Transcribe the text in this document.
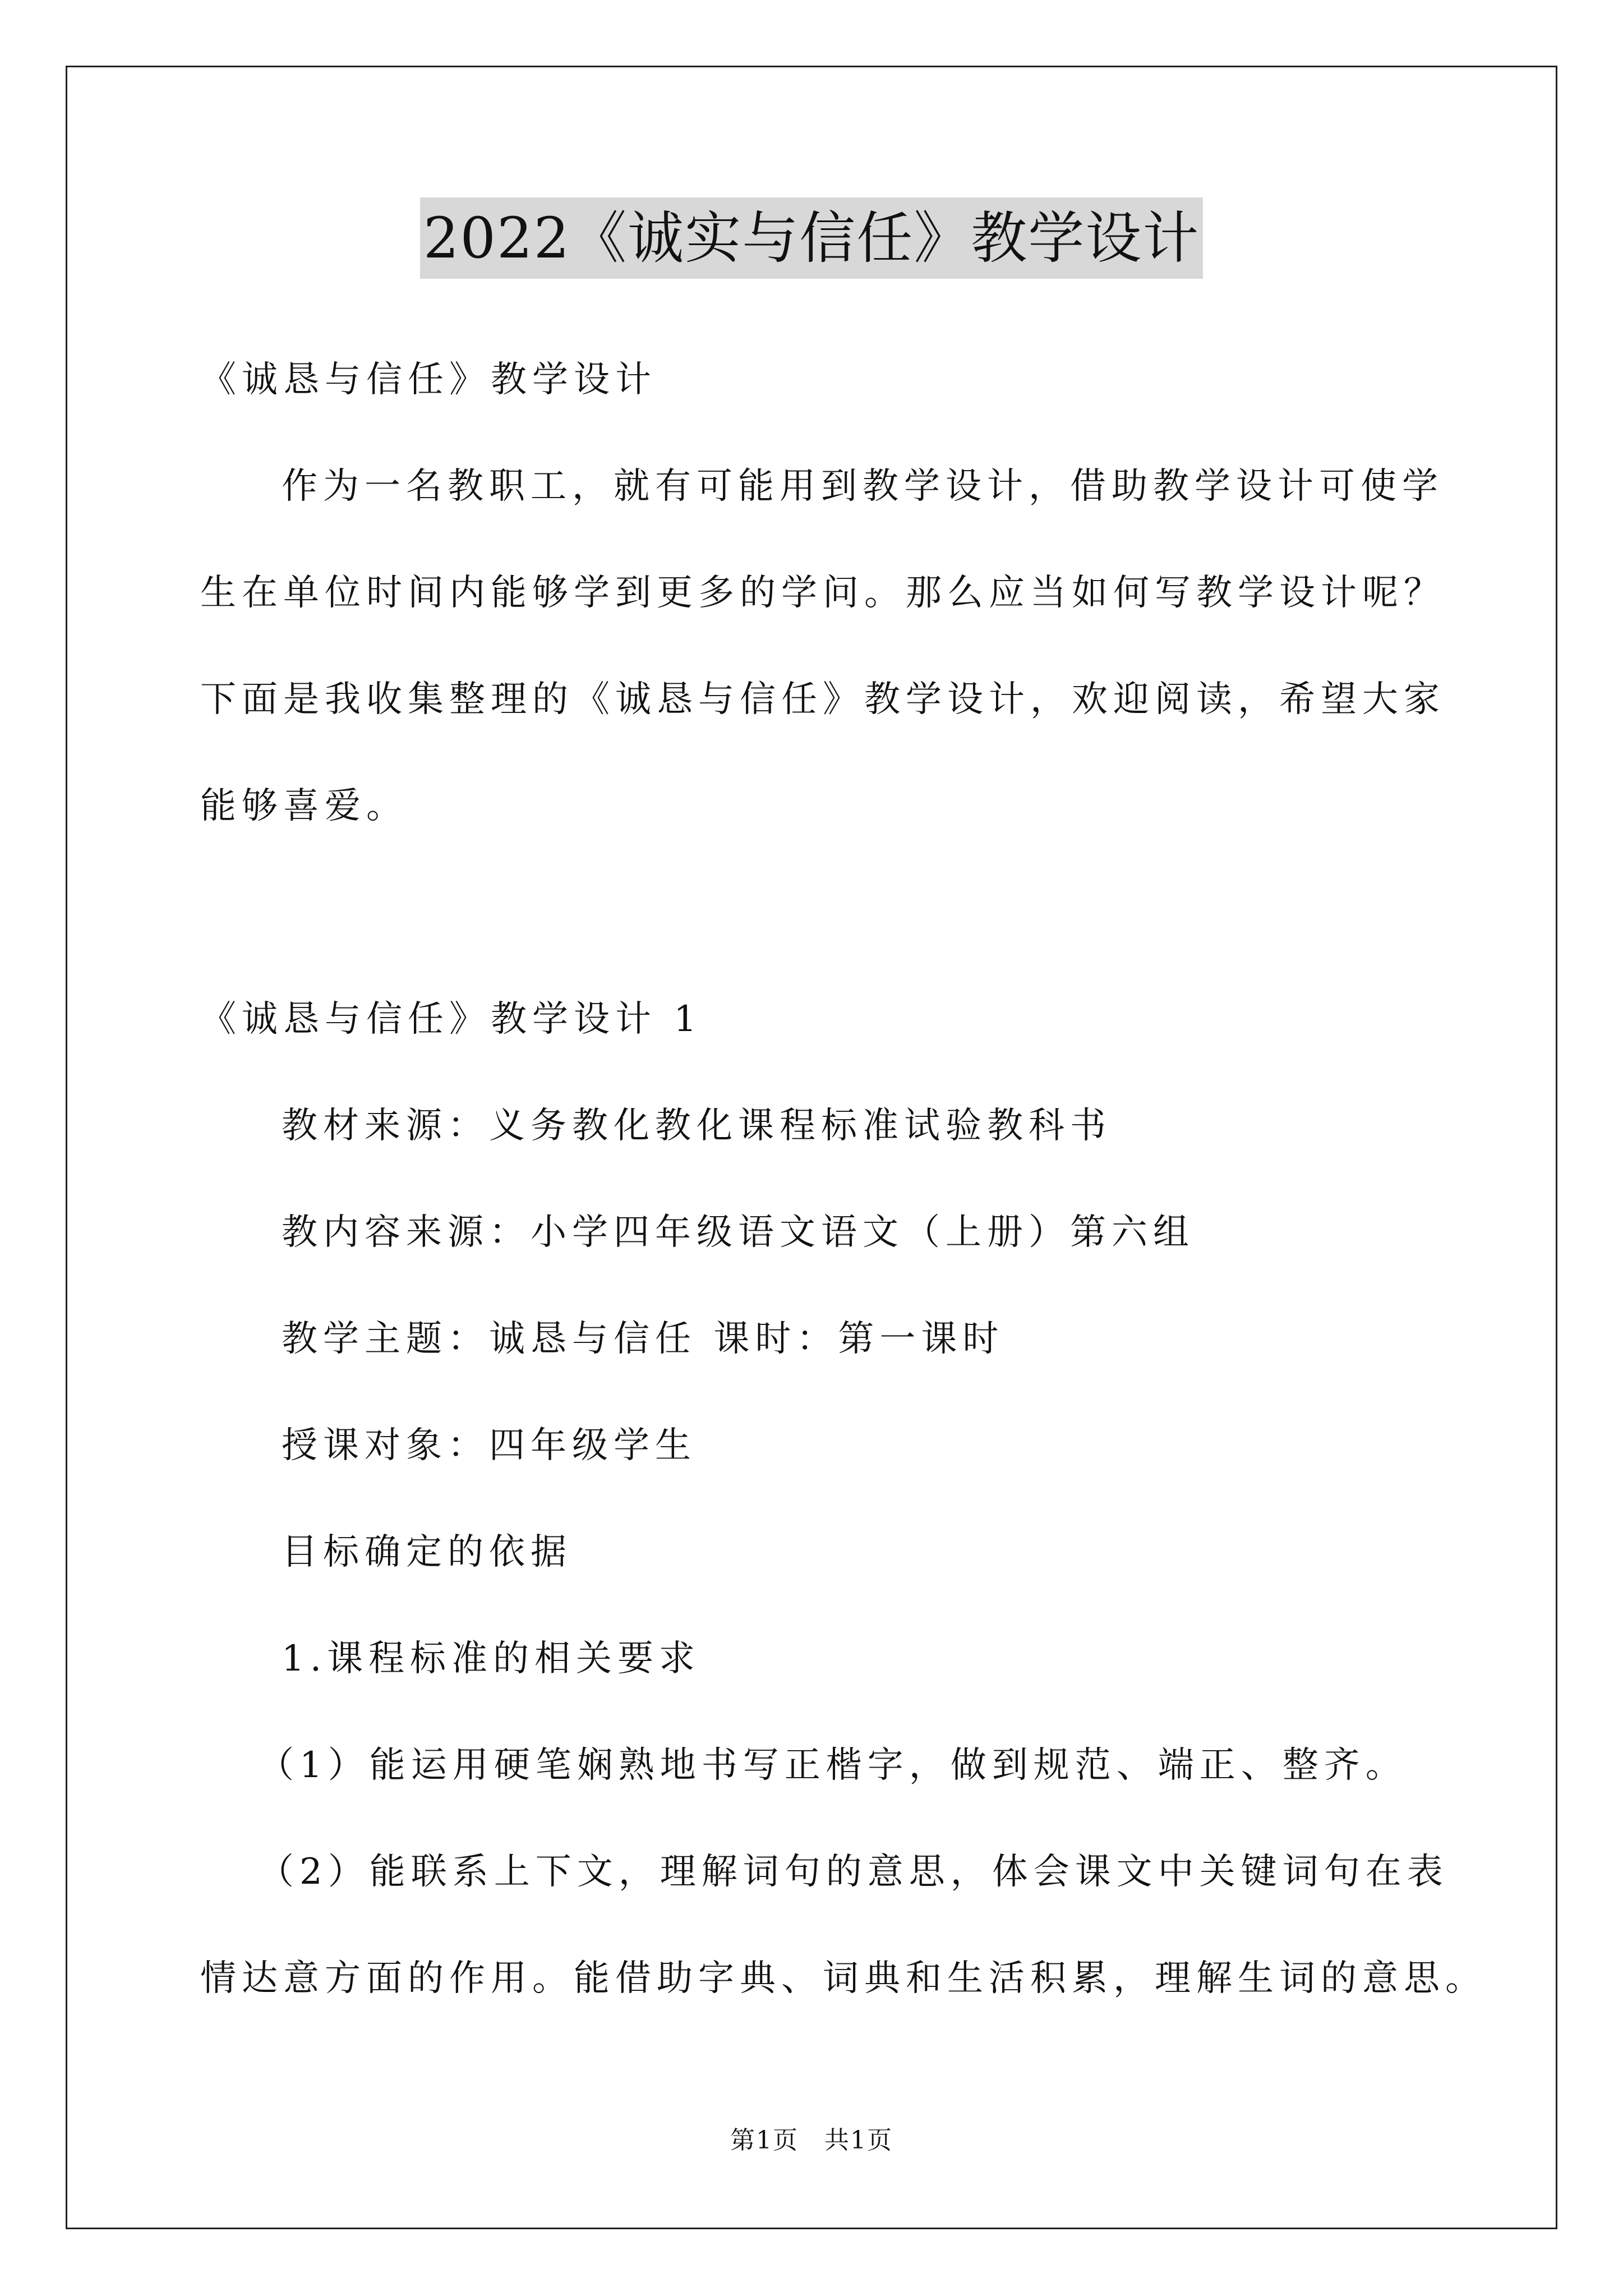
2022《诚实与信任》教学设计
《诚恳与信任》教学设计
作为一名教职工，就有可能用到教学设计，借助教学设计可使学
生在单位时间内能够学到更多的学问。那么应当如何写教学设计呢？
下面是我收集整理的《诚恳与信任》教学设计，欢迎阅读，希望大家
能够喜爱。
《诚恳与信任》教学设计 1
教材来源：义务教化教化课程标准试验教科书
教内容来源：小学四年级语文语文（上册）第六组
教学主题：诚恳与信任 课时：第一课时
授课对象：四年级学生
目标确定的依据
1.课程标准的相关要求
（1）能运用硬笔娴熟地书写正楷字，做到规范、端正、整齐。
（2）能联系上下文，理解词句的意思，体会课文中关键词句在表
情达意方面的作用。能借助字典、词典和生活积累，理解生词的意思。
第1页　共1页
